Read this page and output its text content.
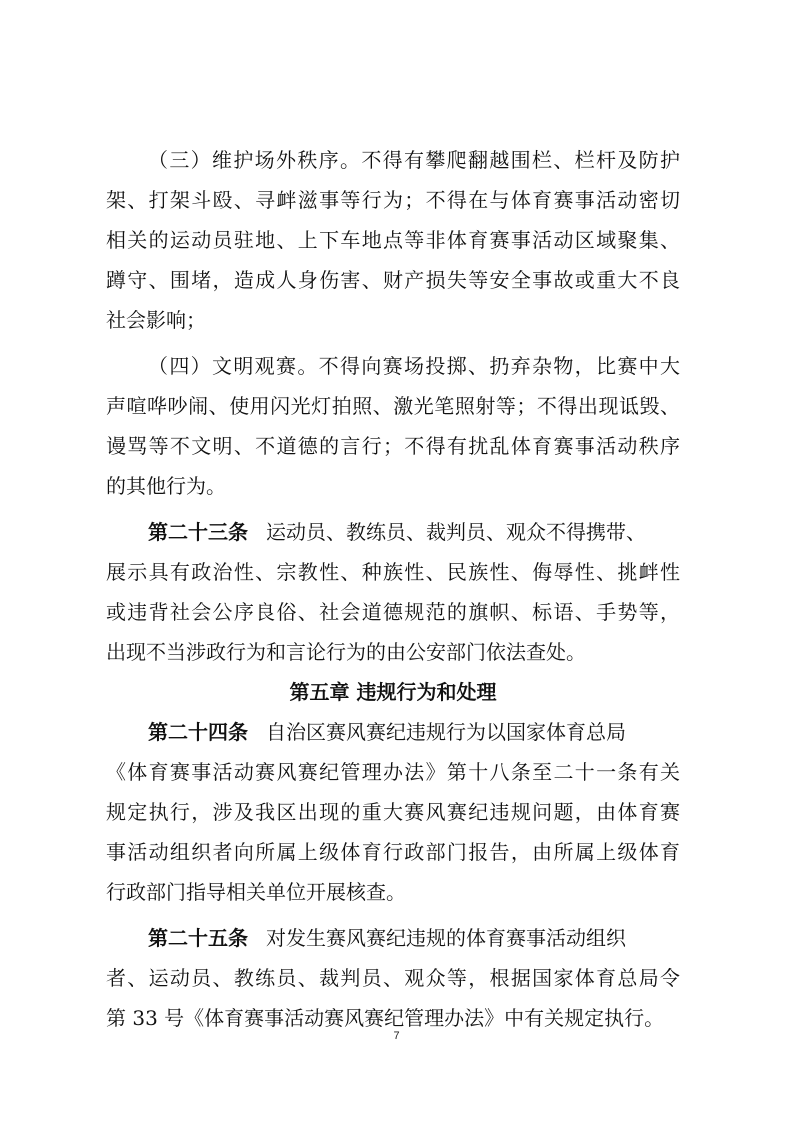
（三）维护场外秩序。不得有攀爬翻越围栏、栏杆及防护
架、打架斗殴、寻衅滋事等行为；不得在与体育赛事活动密切
相关的运动员驻地、上下车地点等非体育赛事活动区域聚集、
蹲守、围堵，造成人身伤害、财产损失等安全事故或重大不良
社会影响；
（四）文明观赛。不得向赛场投掷、扔弃杂物，比赛中大
声喧哗吵闹、使用闪光灯拍照、激光笔照射等；不得出现诋毁、
谩骂等不文明、不道德的言行；不得有扰乱体育赛事活动秩序
的其他行为。
第二十三条 运动员、教练员、裁判员、观众不得携带、
展示具有政治性、宗教性、种族性、民族性、侮辱性、挑衅性
或违背社会公序良俗、社会道德规范的旗帜、标语、手势等，
出现不当涉政行为和言论行为的由公安部门依法查处。
第五章 违规行为和处理
第二十四条 自治区赛风赛纪违规行为以国家体育总局
《体育赛事活动赛风赛纪管理办法》第十八条至二十一条有关
规定执行，涉及我区出现的重大赛风赛纪违规问题，由体育赛
事活动组织者向所属上级体育行政部门报告，由所属上级体育
行政部门指导相关单位开展核查。
第二十五条 对发生赛风赛纪违规的体育赛事活动组织
者、运动员、教练员、裁判员、观众等，根据国家体育总局令
第 33 号《体育赛事活动赛风赛纪管理办法》中有关规定执行。
7
